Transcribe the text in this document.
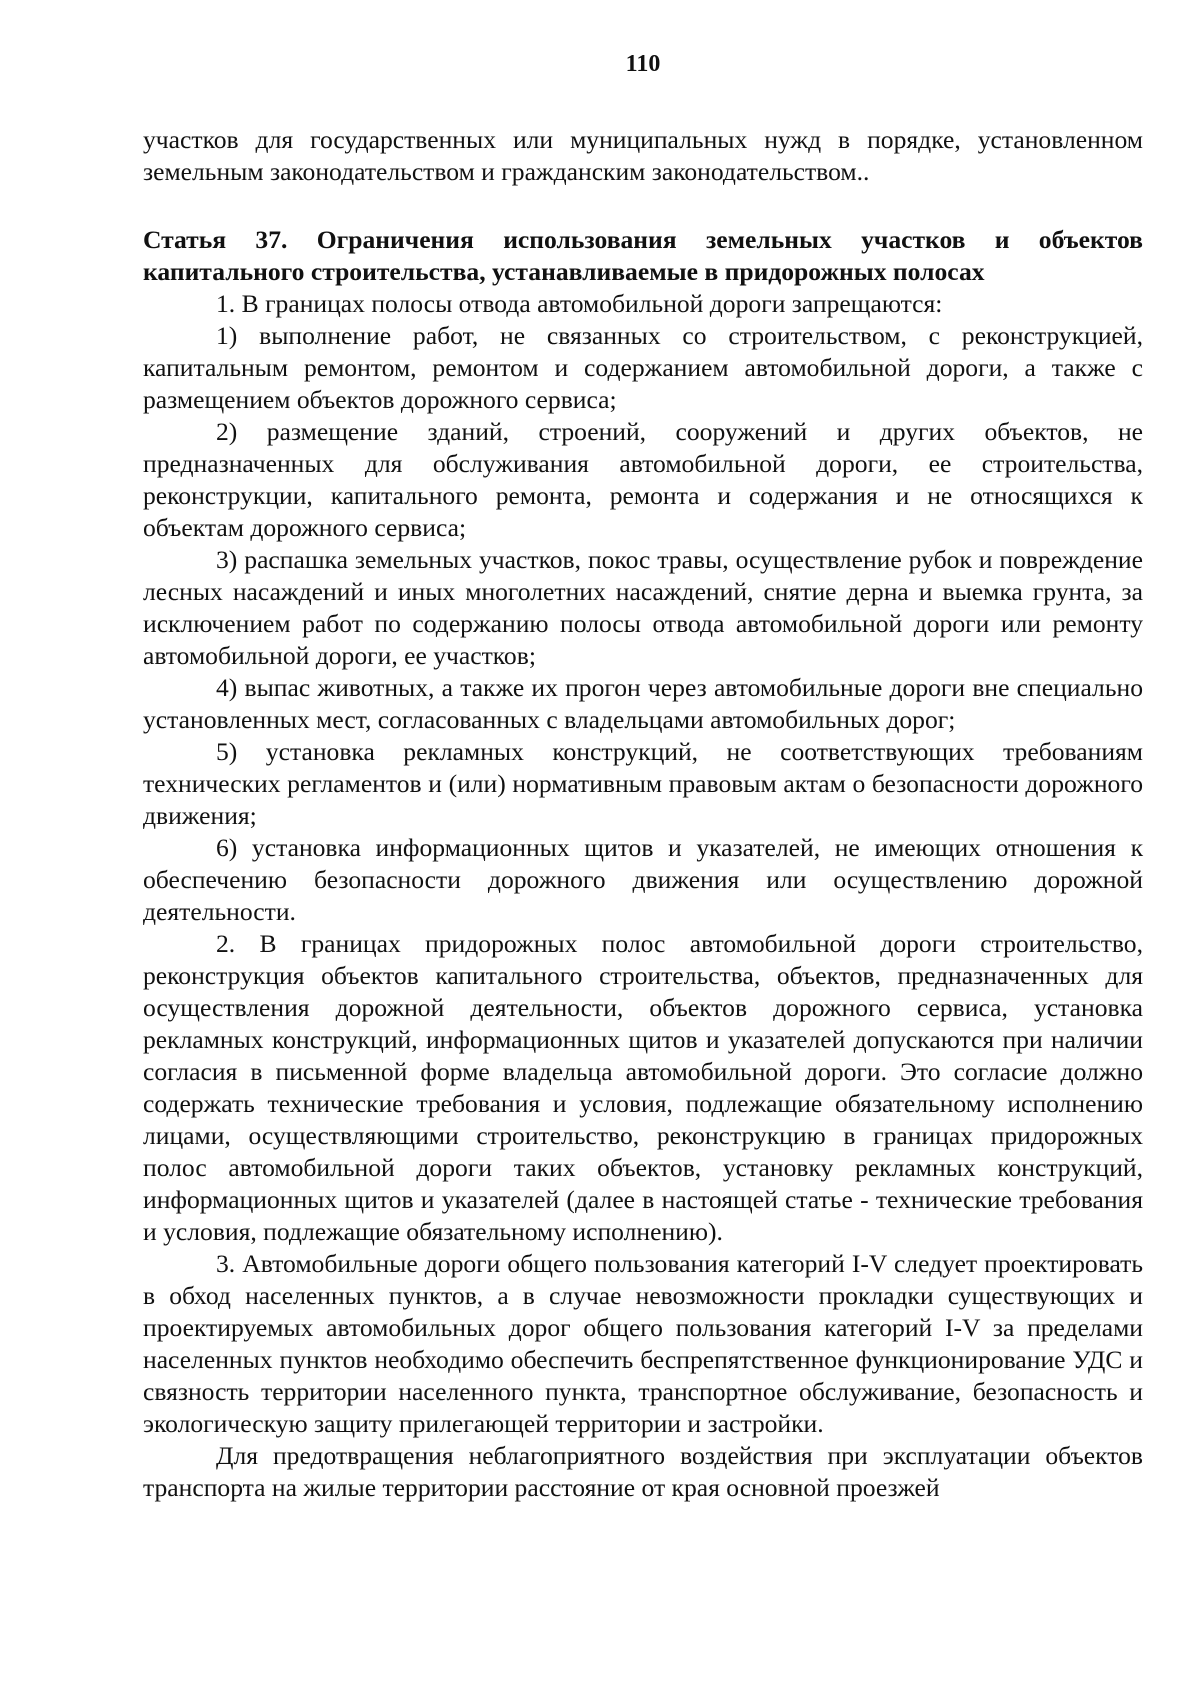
110

участков для государственных или муниципальных нужд в порядке, установленном земельным законодательством и гражданским законодательством..

Статья 37. Ограничения использования земельных участков и объектов капитального строительства, устанавливаемые в придорожных полосах

1. В границах полосы отвода автомобильной дороги запрещаются:

1) выполнение работ, не связанных со строительством, с реконструкцией, капитальным ремонтом, ремонтом и содержанием автомобильной дороги, а также с размещением объектов дорожного сервиса;

2) размещение зданий, строений, сооружений и других объектов, не предназначенных для обслуживания автомобильной дороги, ее строительства, реконструкции, капитального ремонта, ремонта и содержания и не относящихся к объектам дорожного сервиса;

3) распашка земельных участков, покос травы, осуществление рубок и повреждение лесных насаждений и иных многолетних насаждений, снятие дерна и выемка грунта, за исключением работ по содержанию полосы отвода автомобильной дороги или ремонту автомобильной дороги, ее участков;

4) выпас животных, а также их прогон через автомобильные дороги вне специально установленных мест, согласованных с владельцами автомобильных дорог;

5) установка рекламных конструкций, не соответствующих требованиям технических регламентов и (или) нормативным правовым актам о безопасности дорожного движения;

6) установка информационных щитов и указателей, не имеющих отношения к обеспечению безопасности дорожного движения или осуществлению дорожной деятельности.

2. В границах придорожных полос автомобильной дороги строительство, реконструкция объектов капитального строительства, объектов, предназначенных для осуществления дорожной деятельности, объектов дорожного сервиса, установка рекламных конструкций, информационных щитов и указателей допускаются при наличии согласия в письменной форме владельца автомобильной дороги. Это согласие должно содержать технические требования и условия, подлежащие обязательному исполнению лицами, осуществляющими строительство, реконструкцию в границах придорожных полос автомобильной дороги таких объектов, установку рекламных конструкций, информационных щитов и указателей (далее в настоящей статье - технические требования и условия, подлежащие обязательному исполнению).

3. Автомобильные дороги общего пользования категорий I-V следует проектировать в обход населенных пунктов, а в случае невозможности прокладки существующих и проектируемых автомобильных дорог общего пользования категорий I-V за пределами населенных пунктов необходимо обеспечить беспрепятственное функционирование УДС и связность территории населенного пункта, транспортное обслуживание, безопасность и экологическую защиту прилегающей территории и застройки.

Для предотвращения неблагоприятного воздействия при эксплуатации объектов транспорта на жилые территории расстояние от края основной проезжей
